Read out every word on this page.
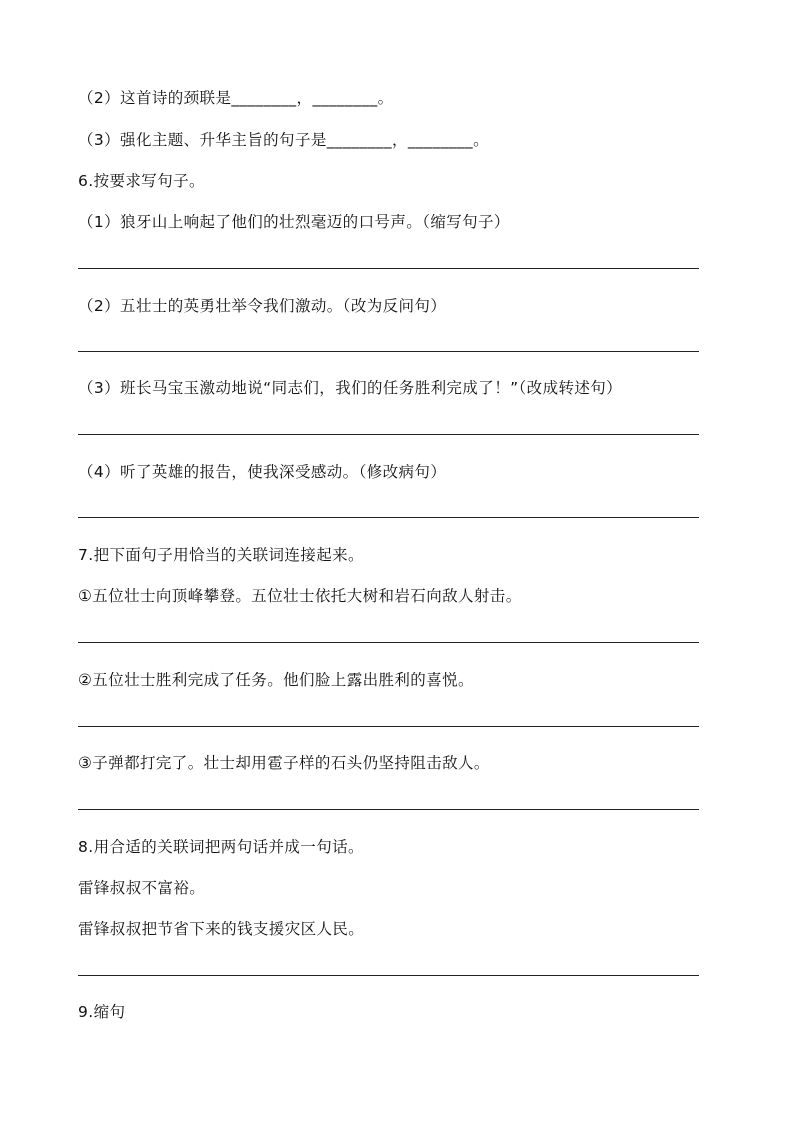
（2）这首诗的颈联是________，________。
（3）强化主题、升华主旨的句子是________，________。
6.按要求写句子。
（1）狼牙山上响起了他们的壮烈毫迈的口号声。（缩写句子）
（2）五壮士的英勇壮举令我们激动。（改为反问句）
（3）班长马宝玉激动地说“同志们，我们的任务胜利完成了！”（改成转述句）
（4）听了英雄的报告，使我深受感动。（修改病句）
7.把下面句子用恰当的关联词连接起来。
①五位壮士向顶峰攀登。五位壮士依托大树和岩石向敌人射击。
②五位壮士胜利完成了任务。他们脸上露出胜利的喜悦。
③子弹都打完了。壮士却用雹子样的石头仍坚持阻击敌人。
8.用合适的关联词把两句话并成一句话。
雷锋叔叔不富裕。
雷锋叔叔把节省下来的钱支援灾区人民。
9.缩句
